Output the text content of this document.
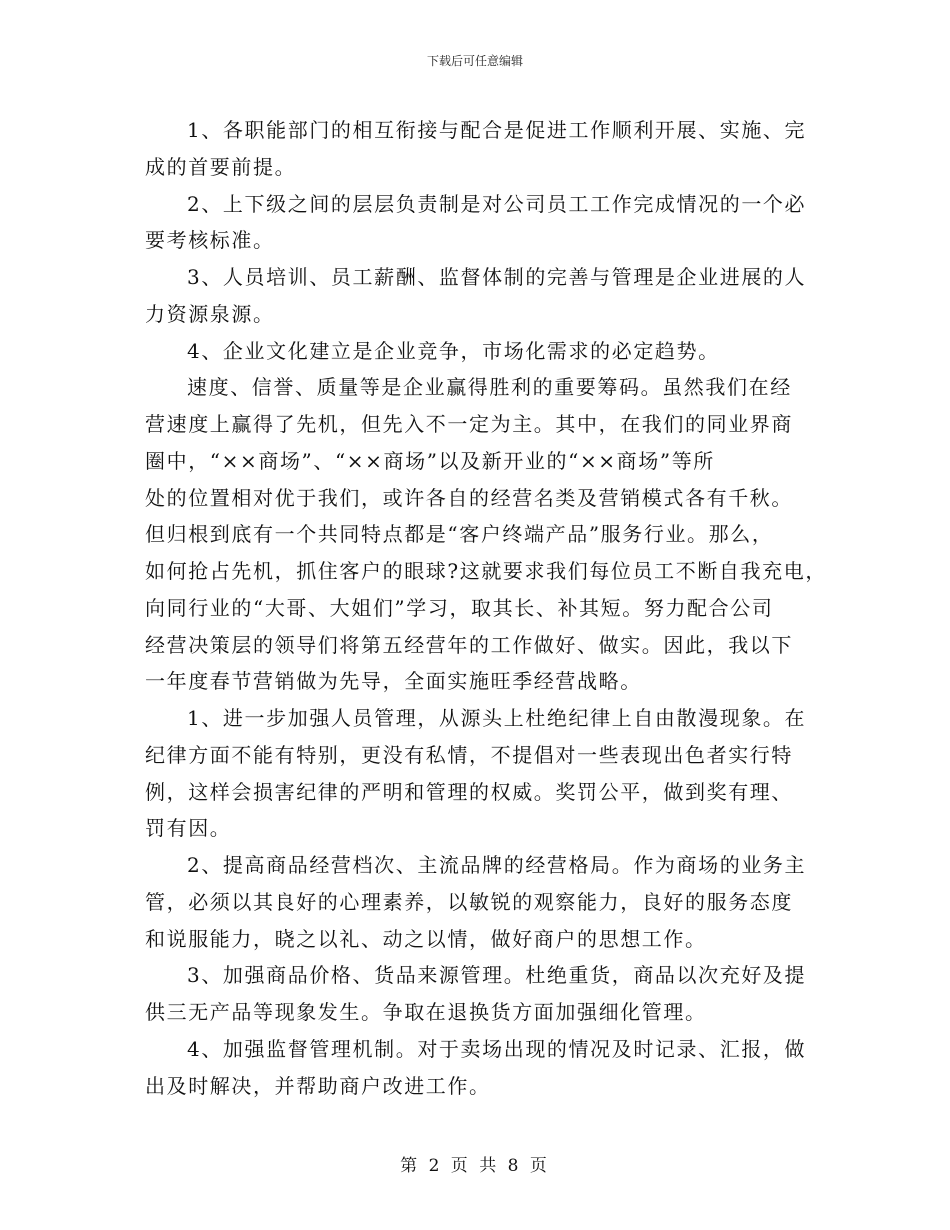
下载后可任意编辑
1、各职能部门的相互衔接与配合是促进工作顺利开展、实施、完
成的首要前提。
2、上下级之间的层层负责制是对公司员工工作完成情况的一个必
要考核标准。
3、人员培训、员工薪酬、监督体制的完善与管理是企业进展的人
力资源泉源。
4、企业文化建立是企业竞争，市场化需求的必定趋势。
速度、信誉、质量等是企业赢得胜利的重要筹码。虽然我们在经
营速度上赢得了先机，但先入不一定为主。其中，在我们的同业界商
圈中，“××商场”、“××商场”以及新开业的“××商场”等所
处的位置相对优于我们，或许各自的经营名类及营销模式各有千秋。
但归根到底有一个共同特点都是“客户终端产品”服务行业。那么，
如何抢占先机，抓住客户的眼球?这就要求我们每位员工不断自我充电，
向同行业的“大哥、大姐们”学习，取其长、补其短。努力配合公司
经营决策层的领导们将第五经营年的工作做好、做实。因此，我以下
一年度春节营销做为先导，全面实施旺季经营战略。
1、进一步加强人员管理，从源头上杜绝纪律上自由散漫现象。在
纪律方面不能有特别，更没有私情，不提倡对一些表现出色者实行特
例，这样会损害纪律的严明和管理的权威。奖罚公平，做到奖有理、
罚有因。
2、提高商品经营档次、主流品牌的经营格局。作为商场的业务主
管，必须以其良好的心理素养，以敏锐的观察能力，良好的服务态度
和说服能力，晓之以礼、动之以情，做好商户的思想工作。
3、加强商品价格、货品来源管理。杜绝重货，商品以次充好及提
供三无产品等现象发生。争取在退换货方面加强细化管理。
4、加强监督管理机制。对于卖场出现的情况及时记录、汇报，做
出及时解决，并帮助商户改进工作。
第 2 页 共 8 页
